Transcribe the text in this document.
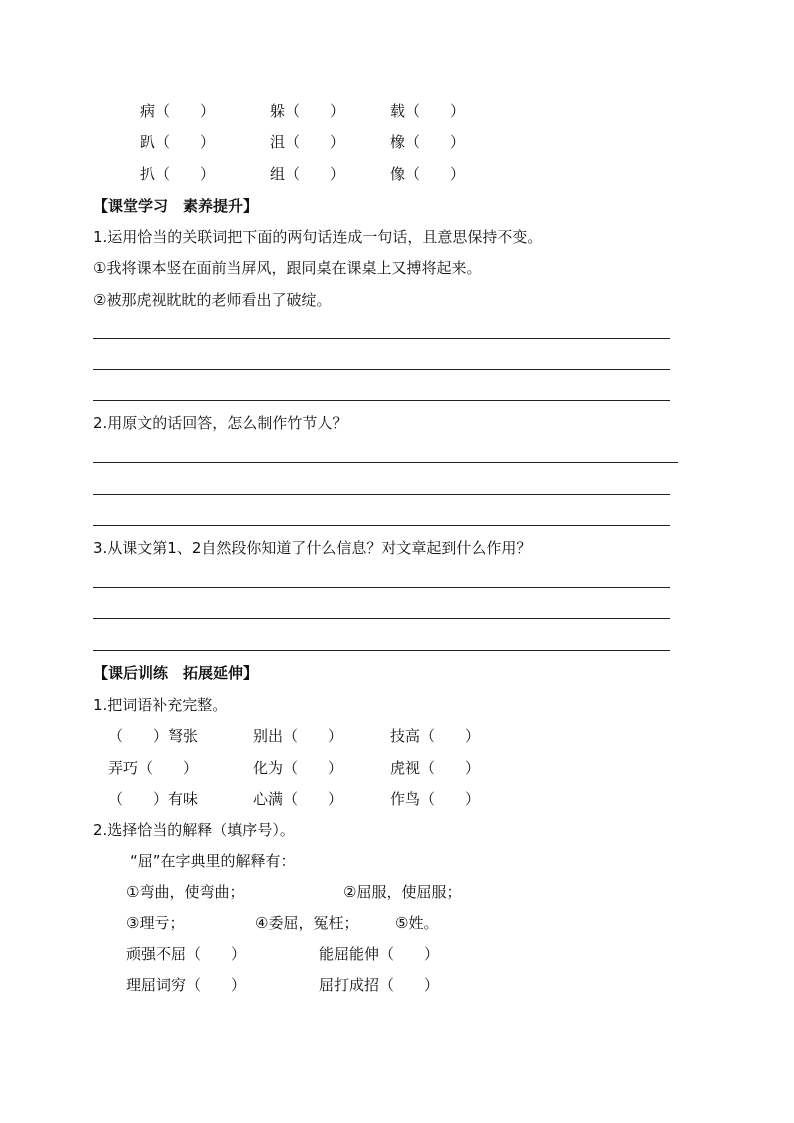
病（　　）	躲（　　）	载（　　）
趴（　　）	沮（　　）	橡（　　）
扒（　　）	组（　　）	像（　　）
【课堂学习　素养提升】
1.运用恰当的关联词把下面的两句话连成一句话，且意思保持不变。
①我将课本竖在面前当屏风，跟同桌在课桌上又搏将起来。
②被那虎视眈眈的老师看出了破绽。
2.用原文的话回答，怎么制作竹节人？
3.从课文第1、2自然段你知道了什么信息？对文章起到什么作用？
【课后训练　拓展延伸】
1.把词语补充完整。
（　　）弩张	别出（　　）	技高（　　）
弄巧（　　）	化为（　　）	虎视（　　）
（　　）有味	心满（　　）	作鸟（　　）
2.选择恰当的解释（填序号）。
“屈”在字典里的解释有：
①弯曲，使弯曲；	②屈服，使屈服；
③理亏；	④委屈，冤枉； ⑤姓。
顽强不屈（　　）	能屈能伸（　　）
理屈词穷（　　）	屈打成招（　　）
